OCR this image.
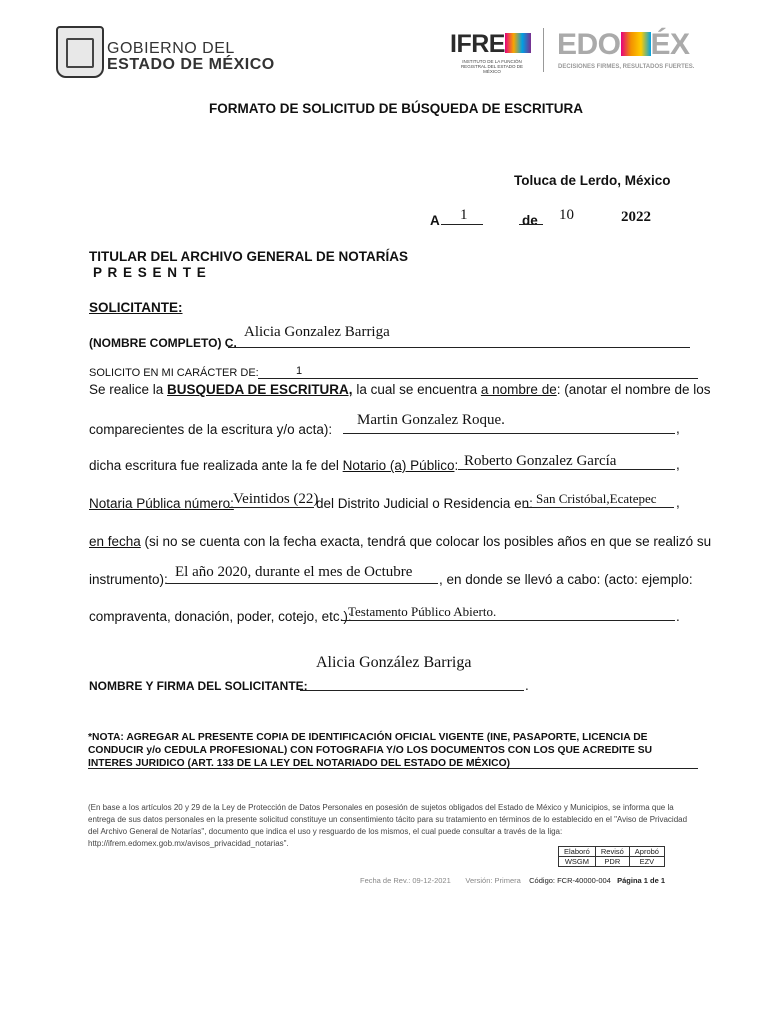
GOBIERNO DEL
ESTADO DE MÉXICO
IFRE
INSTITUTO DE LA FUNCIÓN REGISTRAL DEL ESTADO DE MÉXICO
EDO ÉX
DECISIONES FIRMES, RESULTADOS FUERTES.
FORMATO DE SOLICITUD DE BÚSQUEDA DE ESCRITURA
Toluca de Lerdo, México
A 1	de 10	2022
TITULAR DEL ARCHIVO GENERAL DE NOTARÍAS
P R E S E N T E
SOLICITANTE:
(NOMBRE COMPLETO) C.
Alicia Gonzalez Barriga
SOLICITO EN MI CARÁCTER DE:	1
Se realice la BUSQUEDA DE ESCRITURA, la cual se encuentra a nombre de: (anotar el nombre de los
comparecientes de la escritura y/o acta):	,
Martin Gonzalez Roque.
dicha escritura fue realizada ante la fe del Notario (a) Público:	,
Roberto Gonzalez García
Notaria Pública número: Veintidos (22)
del Distrito Judicial o Residencia en:	,
San Cristóbal,Ecatepec
en fecha (si no se cuenta con la fecha exacta, tendrá que colocar los posibles años en que se realizó su
instrumento): El año 2020, durante el mes de Octubre , en donde se llevó a cabo: (acto: ejemplo:
compraventa, donación, poder, cotejo, etc.):	.
Testamento Público Abierto.
Alicia González Barriga
NOMBRE Y FIRMA DEL SOLICITANTE:	.
*NOTA: AGREGAR AL PRESENTE COPIA DE IDENTIFICACIÓN OFICIAL VIGENTE (INE, PASAPORTE, LICENCIA DE CONDUCIR y/o CEDULA PROFESIONAL) CON FOTOGRAFIA Y/O LOS DOCUMENTOS CON LOS QUE ACREDITE SU INTERES JURIDICO (ART. 133 DE LA LEY DEL NOTARIADO DEL ESTADO DE MÉXICO)
(En base a los artículos 20 y 29 de la Ley de Protección de Datos Personales en posesión de sujetos obligados del Estado de México y Municipios, se informa que la entrega de sus datos personales en la presente solicitud constituye un consentimiento tácito para su tratamiento en términos de lo establecido en el "Aviso de Privacidad del Archivo General de Notarías", documento que indica el uso y resguardo de los mismos, el cual puede consultar a través de la liga: http://ifrem.edomex.gob.mx/avisos_privacidad_notarias".
Elaboró	Revisó	Aprobó
WSGM	PDR	EZV
Fecha de Rev.: 09-12-2021 Versión: Primera Código: FCR-40000-004 Página 1 de 1
